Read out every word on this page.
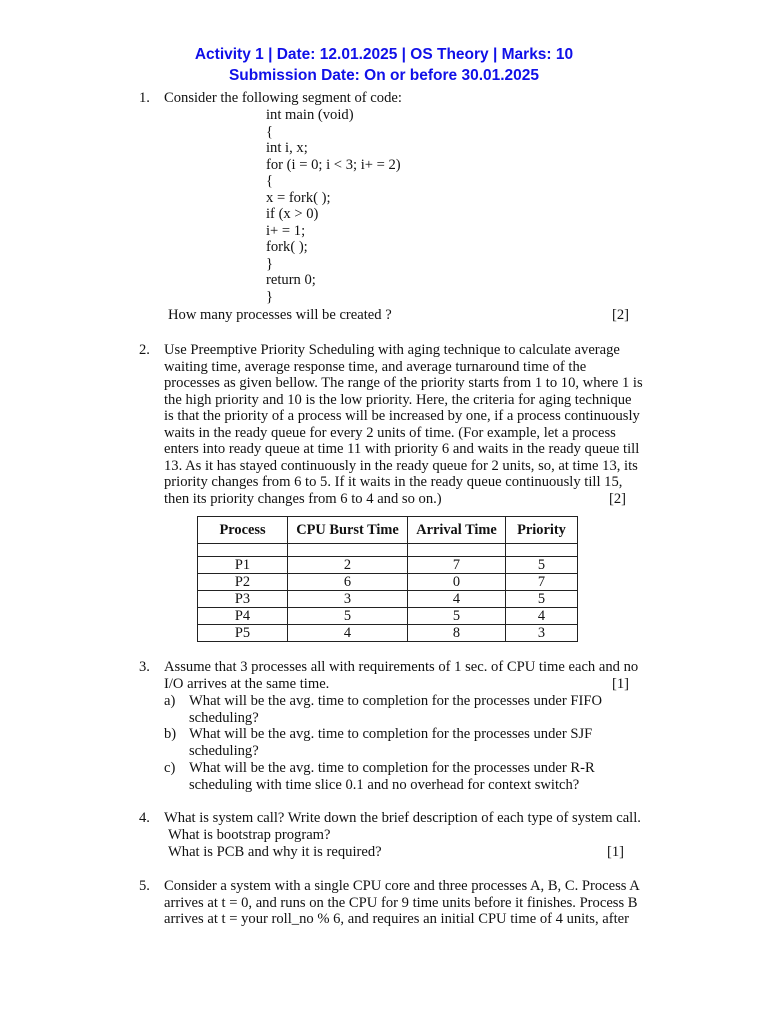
Activity 1 | Date: 12.01.2025 | OS Theory | Marks: 10
Submission Date: On or before 30.01.2025
1. Consider the following segment of code:
int main (void)
{
int i, x;
for (i = 0; i < 3; i+ = 2)
{
x = fork( );
if (x > 0)
i+ = 1;
fork( );
}
return 0;
}
How many processes will be created ?	[2]
2. Use Preemptive Priority Scheduling with aging technique to calculate average
waiting time, average response time, and average turnaround time of the
processes as given bellow. The range of the priority starts from 1 to 10, where 1 is
the high priority and 10 is the low priority. Here, the criteria for aging technique
is that the priority of a process will be increased by one, if a process continuously
waits in the ready queue for every 2 units of time. (For example, let a process
enters into ready queue at time 11 with priority 6 and waits in the ready queue till
13. As it has stayed continuously in the ready queue for 2 units, so, at time 13, its
priority changes from 6 to 5. If it waits in the ready queue continuously till 15,
then its priority changes from 6 to 4 and so on.)	[2]
Process	CPU Burst Time	Arrival Time	Priority

P1	2	7	5
P2	6	0	7
P3	3	4	5
P4	5	5	4
P5	4	8	3
3. Assume that 3 processes all with requirements of 1 sec. of CPU time each and no
I/O arrives at the same time.	[1]
a) What will be the avg. time to completion for the processes under FIFO
scheduling?
b) What will be the avg. time to completion for the processes under SJF
scheduling?
c) What will be the avg. time to completion for the processes under R-R
scheduling with time slice 0.1 and no overhead for context switch?
4. What is system call? Write down the brief description of each type of system call.
What is bootstrap program?
What is PCB and why it is required?	[1]
5. Consider a system with a single CPU core and three processes A, B, C. Process A
arrives at t = 0, and runs on the CPU for 9 time units before it finishes. Process B
arrives at t = your roll_no % 6, and requires an initial CPU time of 4 units, after
